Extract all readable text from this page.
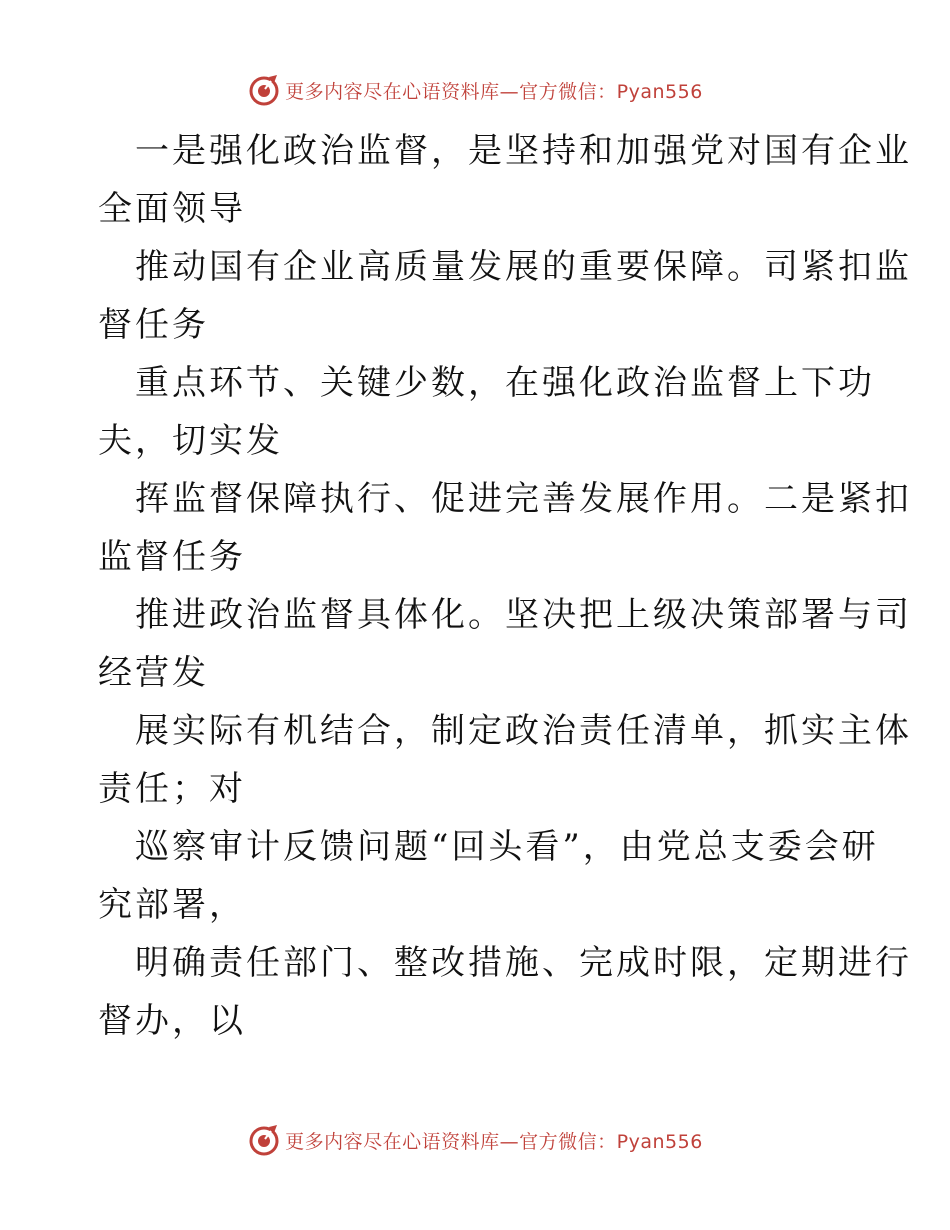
更多内容尽在心语资料库—官方微信：Pyan556
一是强化政治监督，是坚持和加强党对国有企业
全面领导
推动国有企业高质量发展的重要保障。司紧扣监
督任务
重点环节、关键少数，在强化政治监督上下功
夫，切实发
挥监督保障执行、促进完善发展作用。二是紧扣
监督任务
推进政治监督具体化。坚决把上级决策部署与司
经营发
展实际有机结合，制定政治责任清单，抓实主体
责任；对
巡察审计反馈问题“回头看”，由党总支委会研
究部署，
明确责任部门、整改措施、完成时限，定期进行
督办，以
更多内容尽在心语资料库—官方微信：Pyan556
